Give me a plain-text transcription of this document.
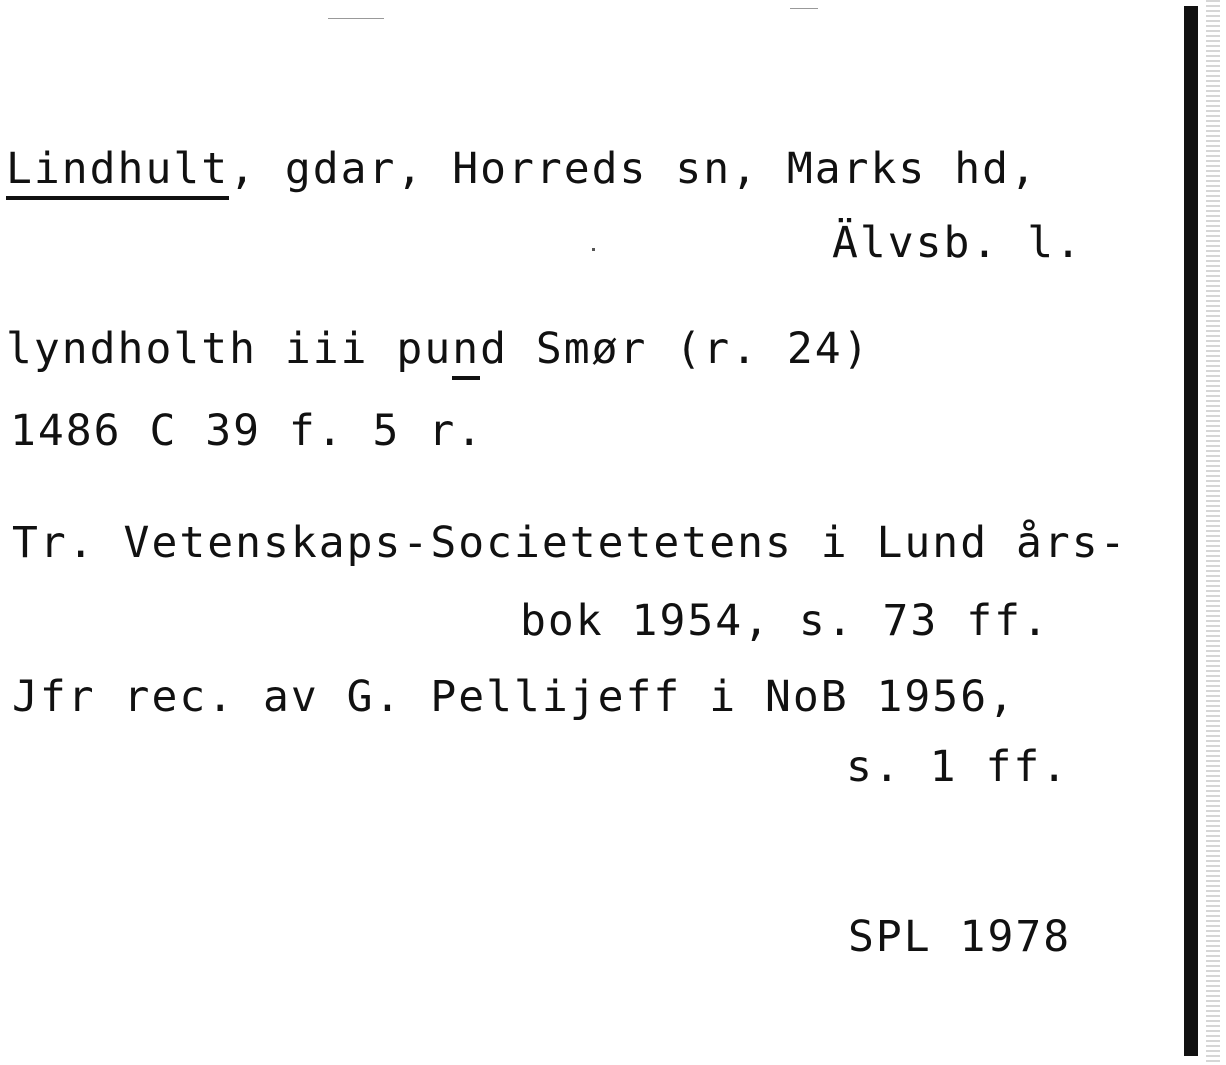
Lindhult, gdar, Horreds sn, Marks hd,
Älvsb. l.
lyndholth iii pund Smør (r. 24)
1486 C 39 f. 5 r.
Tr. Vetenskaps-Societetetens i Lund års-
bok 1954, s. 73 ff.
Jfr rec. av G. Pellijeff i NoB 1956,
s. 1 ff.
SPL 1978
